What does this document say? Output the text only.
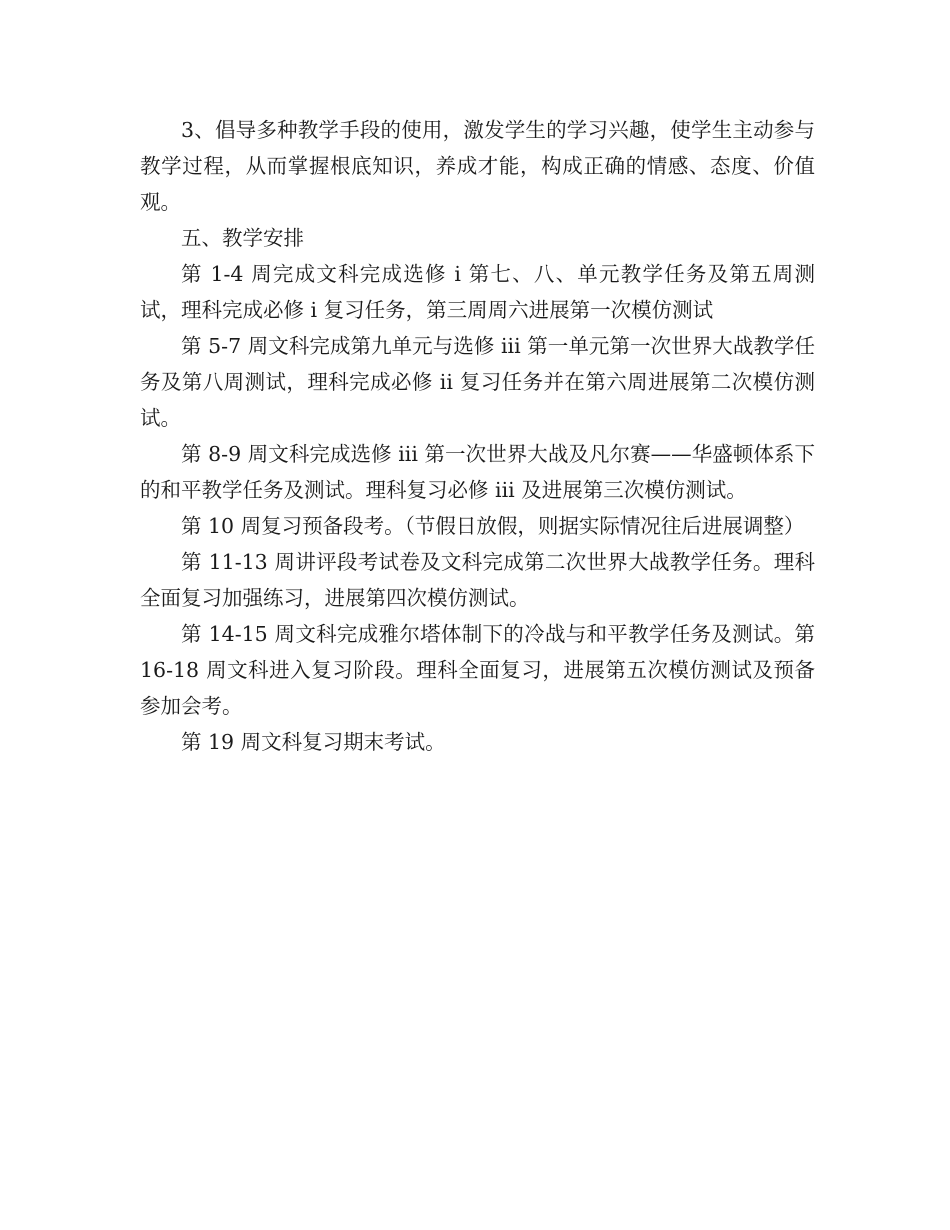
3、倡导多种教学手段的使用，激发学生的学习兴趣，使学生主动参与教学过程，从而掌握根底知识，养成才能，构成正确的情感、态度、价值观。

五、教学安排

第 1-4 周完成文科完成选修 i 第七、八、单元教学任务及第五周测试，理科完成必修 i 复习任务，第三周周六进展第一次模仿测试

第 5-7 周文科完成第九单元与选修 iii 第一单元第一次世界大战教学任务及第八周测试，理科完成必修 ii 复习任务并在第六周进展第二次模仿测试。

第 8-9 周文科完成选修 iii 第一次世界大战及凡尔赛——华盛顿体系下的和平教学任务及测试。理科复习必修 iii 及进展第三次模仿测试。

第 10 周复习预备段考。（节假日放假，则据实际情况往后进展调整）

第 11-13 周讲评段考试卷及文科完成第二次世界大战教学任务。理科全面复习加强练习，进展第四次模仿测试。

第 14-15 周文科完成雅尔塔体制下的冷战与和平教学任务及测试。第 16-18 周文科进入复习阶段。理科全面复习，进展第五次模仿测试及预备参加会考。

第 19 周文科复习期末考试。
